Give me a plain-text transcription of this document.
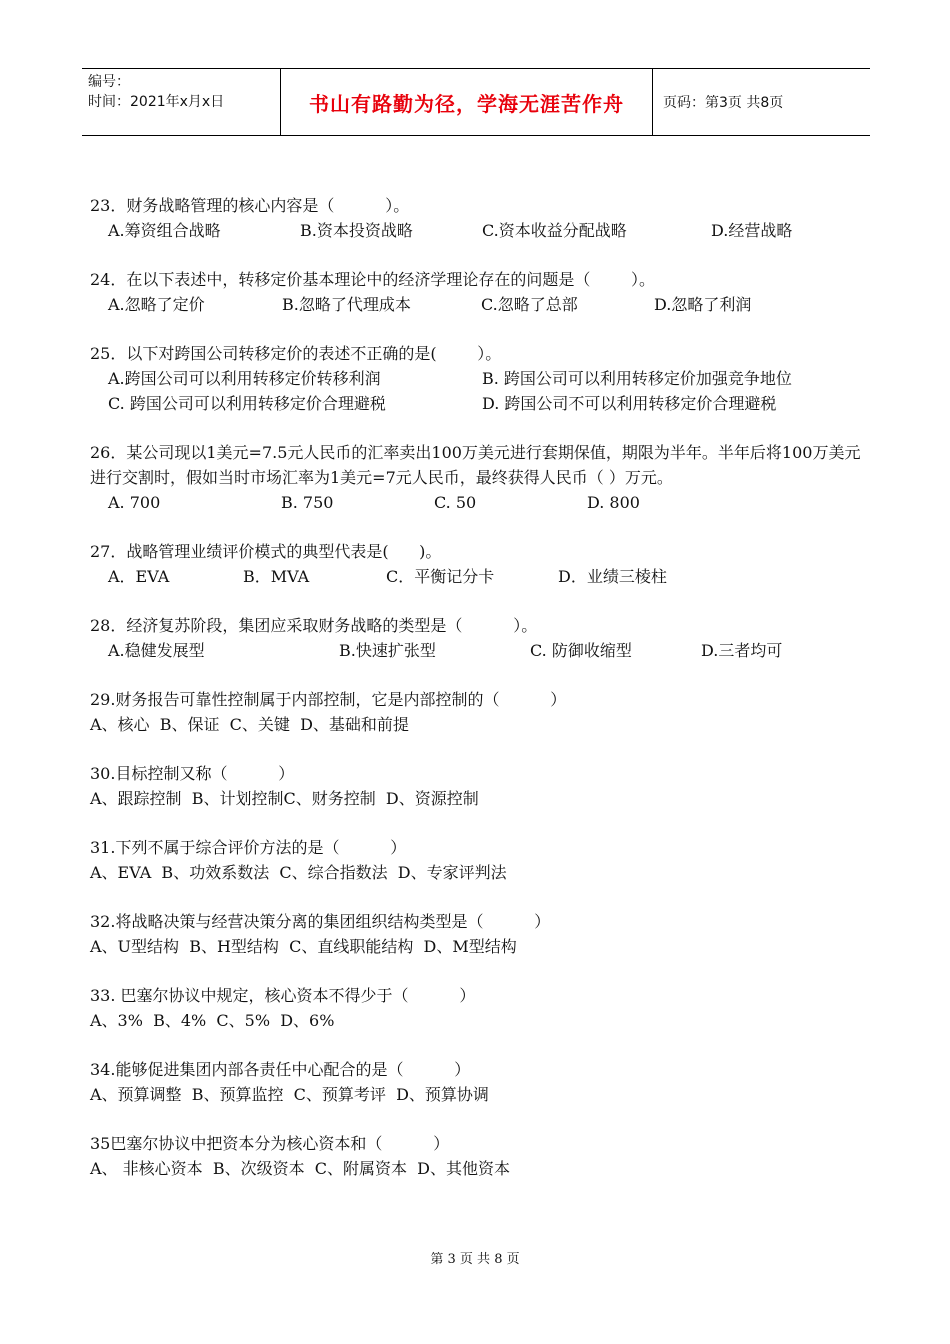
编号：
时间：2021年x月x日	书山有路勤为径，学海无涯苦作舟	页码：第3页 共8页
23．财务战略管理的核心内容是（          ）。
A.筹资组合战略	B.资本投资战略	C.资本收益分配战略	D.经营战略
24．在以下表述中，转移定价基本理论中的经济学理论存在的问题是（        ）。
A.忽略了定价	B.忽略了代理成本	C.忽略了总部	D.忽略了利润
25．以下对跨国公司转移定价的表述不正确的是(        ）。
A.跨国公司可以利用转移定价转移利润	B. 跨国公司可以利用转移定价加强竞争地位
C. 跨国公司可以利用转移定价合理避税	D. 跨国公司不可以利用转移定价合理避税
26．某公司现以1美元=7.5元人民币的汇率卖出100万美元进行套期保值，期限为半年。半年后将100万美元进行交割时，假如当时市场汇率为1美元=7元人民币，最终获得人民币（ ）万元。
A. 700	B. 750	C. 50	D. 800
27．战略管理业绩评价模式的典型代表是(      )。
A．EVA	B．MVA	C．平衡记分卡	D．业绩三棱柱
28．经济复苏阶段，集团应采取财务战略的类型是（          ）。
A.稳健发展型	B.快速扩张型	C. 防御收缩型	D.三者均可
29.财务报告可靠性控制属于内部控制，它是内部控制的（          ）
A、核心  B、保证  C、关键  D、基础和前提
30.目标控制又称（          ）
A、跟踪控制  B、计划控制C、财务控制  D、资源控制
31.下列不属于综合评价方法的是（          ）
A、EVA  B、功效系数法  C、综合指数法  D、专家评判法
32.将战略决策与经营决策分离的集团组织结构类型是（          ）
A、U型结构  B、H型结构  C、直线职能结构  D、M型结构
33. 巴塞尔协议中规定，核心资本不得少于（          ）
A、3%  B、4%  C、5%  D、6%
34.能够促进集团内部各责任中心配合的是（          ）
A、预算调整  B、预算监控  C、预算考评  D、预算协调
35巴塞尔协议中把资本分为核心资本和（          ）
A、 非核心资本  B、次级资本  C、附属资本  D、其他资本
第 3 页 共 8 页
